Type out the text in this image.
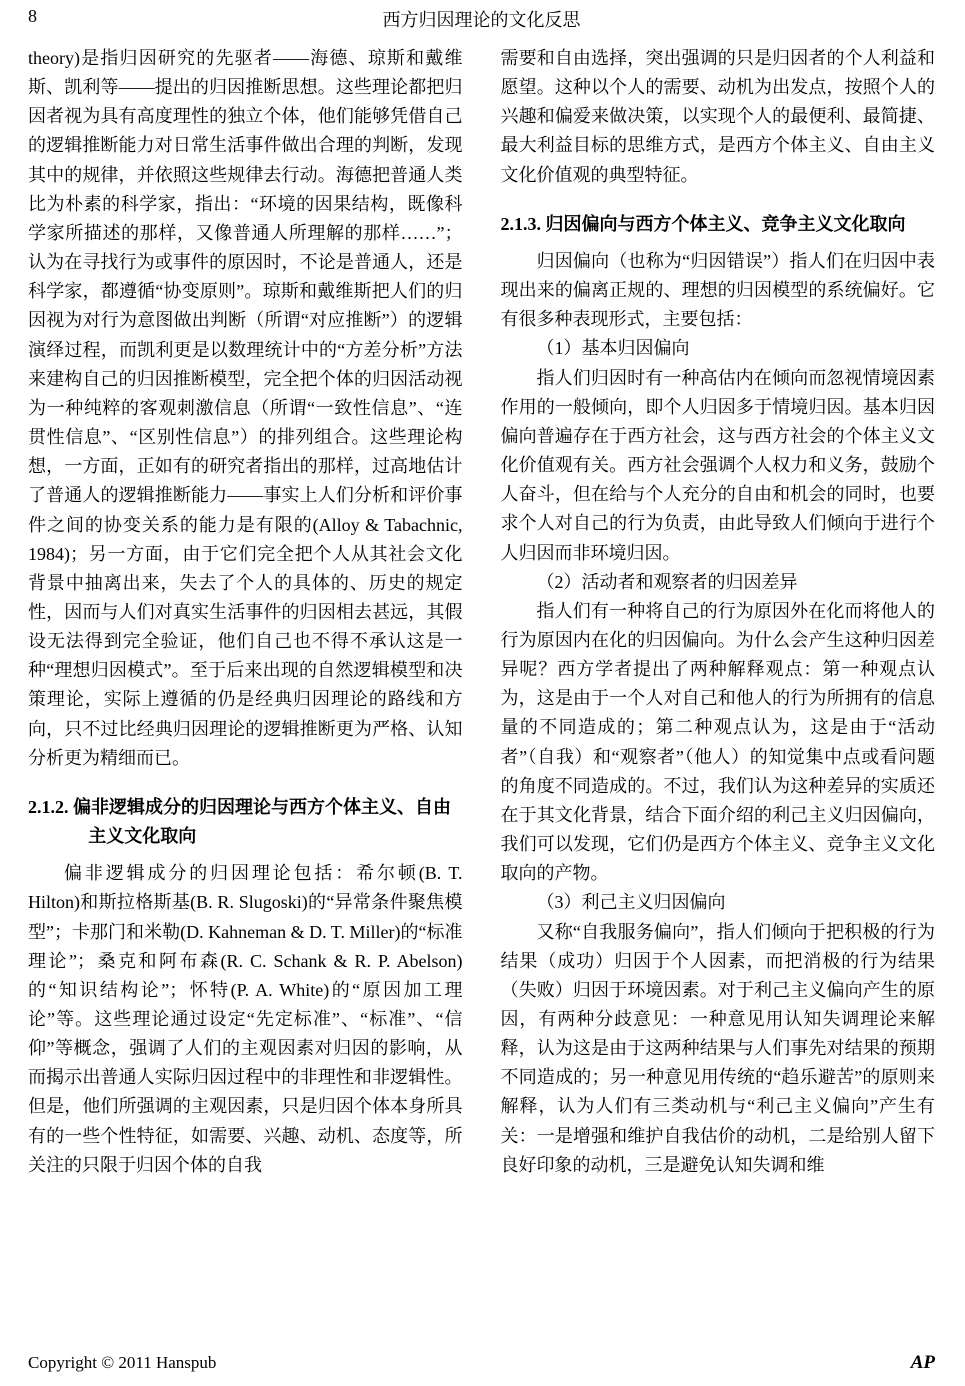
8	西方归因理论的文化反思

theory)是指归因研究的先驱者——海德、琼斯和戴维斯、凯利等——提出的归因推断思想。这些理论都把归因者视为具有高度理性的独立个体，他们能够凭借自己的逻辑推断能力对日常生活事件做出合理的判断，发现其中的规律，并依照这些规律去行动。海德把普通人类比为朴素的科学家，指出：“环境的因果结构，既像科学家所描述的那样，又像普通人所理解的那样……”；认为在寻找行为或事件的原因时，不论是普通人，还是科学家，都遵循“协变原则”。琼斯和戴维斯把人们的归因视为对行为意图做出判断（所谓“对应推断”）的逻辑演绎过程，而凯利更是以数理统计中的“方差分析”方法来建构自己的归因推断模型，完全把个体的归因活动视为一种纯粹的客观刺激信息（所谓“一致性信息”、“连贯性信息”、“区别性信息”）的排列组合。这些理论构想，一方面，正如有的研究者指出的那样，过高地估计了普通人的逻辑推断能力——事实上人们分析和评价事件之间的协变关系的能力是有限的(Alloy & Tabachnic, 1984)；另一方面，由于它们完全把个人从其社会文化背景中抽离出来，失去了个人的具体的、历史的规定性，因而与人们对真实生活事件的归因相去甚远，其假设无法得到完全验证，他们自己也不得不承认这是一种“理想归因模式”。至于后来出现的自然逻辑模型和决策理论，实际上遵循的仍是经典归因理论的路线和方向，只不过比经典归因理论的逻辑推断更为严格、认知分析更为精细而已。

2.1.2. 偏非逻辑成分的归因理论与西方个体主义、自由主义文化取向

偏非逻辑成分的归因理论包括：希尔顿(B. T. Hilton)和斯拉格斯基(B. R. Slugoski)的“异常条件聚焦模型”；卡那门和米勒(D. Kahneman & D. T. Miller)的“标准理论”；桑克和阿布森(R. C. Schank & R. P. Abelson)的“知识结构论”；怀特(P. A. White)的“原因加工理论”等。这些理论通过设定“先定标准”、“标准”、“信仰”等概念，强调了人们的主观因素对归因的影响，从而揭示出普通人实际归因过程中的非理性和非逻辑性。但是，他们所强调的主观因素，只是归因个体本身所具有的一些个性特征，如需要、兴趣、动机、态度等，所关注的只限于归因个体的自我

需要和自由选择，突出强调的只是归因者的个人利益和愿望。这种以个人的需要、动机为出发点，按照个人的兴趣和偏爱来做决策，以实现个人的最便利、最简捷、最大利益目标的思维方式，是西方个体主义、自由主义文化价值观的典型特征。

2.1.3. 归因偏向与西方个体主义、竞争主义文化取向

归因偏向（也称为“归因错误”）指人们在归因中表现出来的偏离正规的、理想的归因模型的系统偏好。它有很多种表现形式，主要包括：

（1）基本归因偏向

指人们归因时有一种高估内在倾向而忽视情境因素作用的一般倾向，即个人归因多于情境归因。基本归因偏向普遍存在于西方社会，这与西方社会的个体主义文化价值观有关。西方社会强调个人权力和义务，鼓励个人奋斗，但在给与个人充分的自由和机会的同时，也要求个人对自己的行为负责，由此导致人们倾向于进行个人归因而非环境归因。

（2）活动者和观察者的归因差异

指人们有一种将自己的行为原因外在化而将他人的行为原因内在化的归因偏向。为什么会产生这种归因差异呢？西方学者提出了两种解释观点：第一种观点认为，这是由于一个人对自己和他人的行为所拥有的信息量的不同造成的；第二种观点认为，这是由于“活动者”（自我）和“观察者”（他人）的知觉集中点或看问题的角度不同造成的。不过，我们认为这种差异的实质还在于其文化背景，结合下面介绍的利己主义归因偏向，我们可以发现，它们仍是西方个体主义、竞争主义文化取向的产物。

（3）利己主义归因偏向

又称“自我服务偏向”，指人们倾向于把积极的行为结果（成功）归因于个人因素，而把消极的行为结果（失败）归因于环境因素。对于利己主义偏向产生的原因，有两种分歧意见：一种意见用认知失调理论来解释，认为这是由于这两种结果与人们事先对结果的预期不同造成的；另一种意见用传统的“趋乐避苦”的原则来解释，认为人们有三类动机与“利己主义偏向”产生有关：一是增强和维护自我估价的动机，二是给别人留下良好印象的动机，三是避免认知失调和维

Copyright © 2011 Hanspub	AP
